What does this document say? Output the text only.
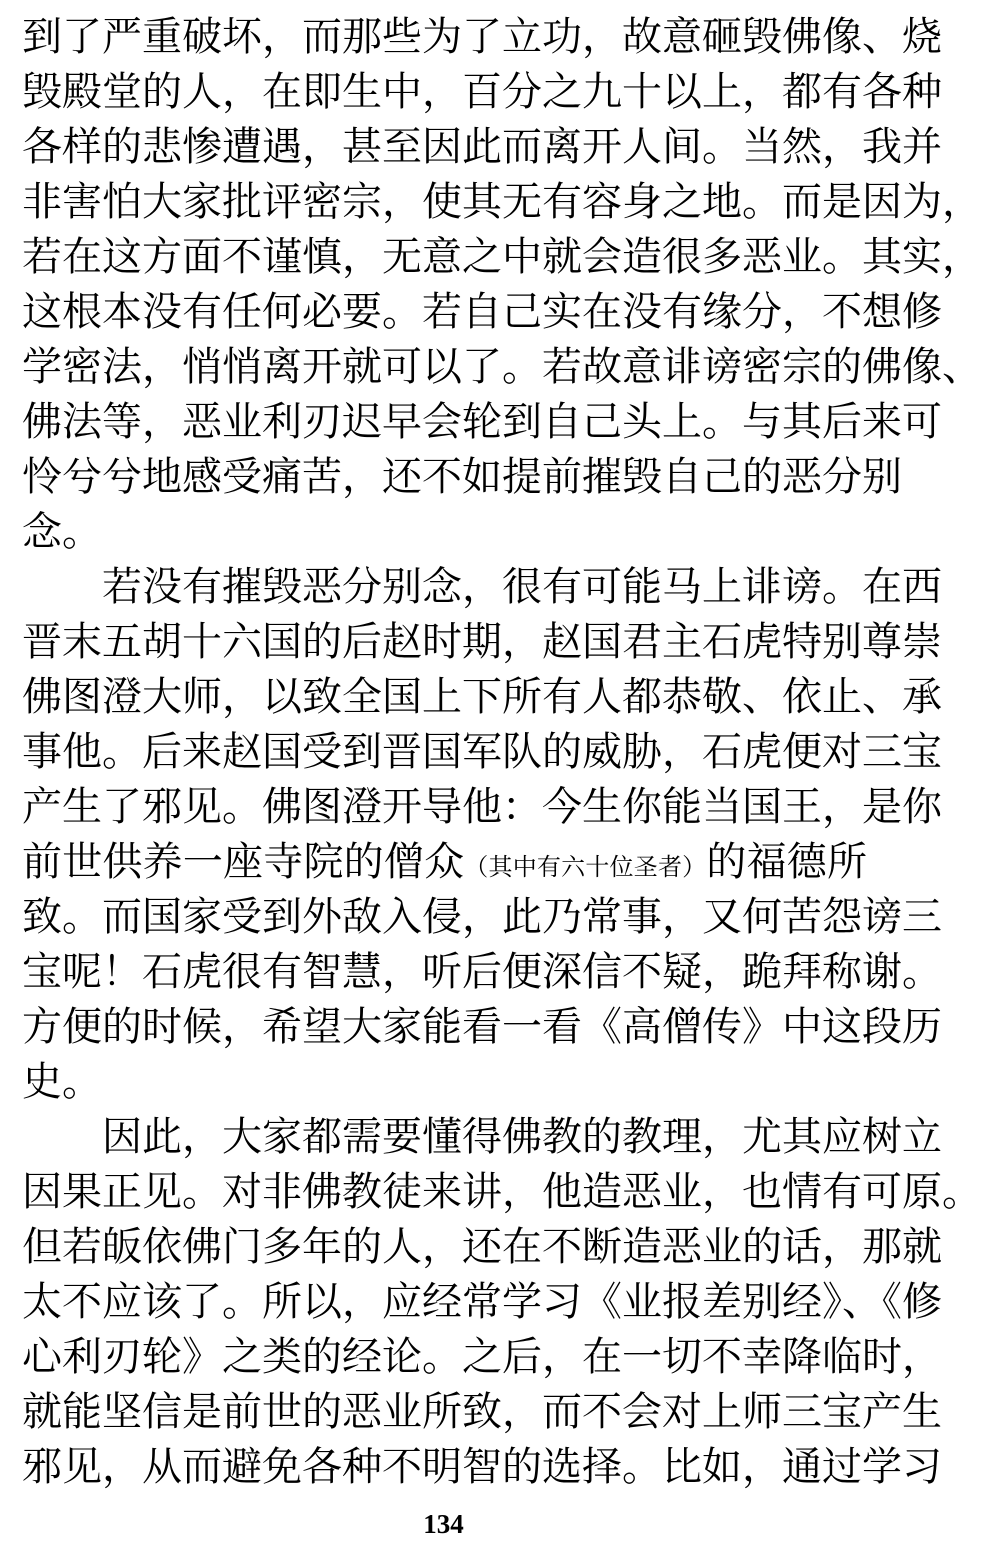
到了严重破坏，而那些为了立功，故意砸毁佛像、烧
毁殿堂的人，在即生中，百分之九十以上，都有各种
各样的悲惨遭遇，甚至因此而离开人间。当然，我并
非害怕大家批评密宗，使其无有容身之地。而是因为，
若在这方面不谨慎，无意之中就会造很多恶业。其实，
这根本没有任何必要。若自己实在没有缘分，不想修
学密法，悄悄离开就可以了。若故意诽谤密宗的佛像、
佛法等，恶业利刃迟早会轮到自己头上。与其后来可
怜兮兮地感受痛苦，还不如提前摧毁自己的恶分别
念。
若没有摧毁恶分别念，很有可能马上诽谤。在西
晋末五胡十六国的后赵时期，赵国君主石虎特别尊崇
佛图澄大师，以致全国上下所有人都恭敬、依止、承
事他。后来赵国受到晋国军队的威胁，石虎便对三宝
产生了邪见。佛图澄开导他：今生你能当国王，是你
前世供养一座寺院的僧众（其中有六十位圣者）的福德所
致。而国家受到外敌入侵，此乃常事，又何苦怨谤三
宝呢！石虎很有智慧，听后便深信不疑，跪拜称谢。
方便的时候，希望大家能看一看《高僧传》中这段历
史。
因此，大家都需要懂得佛教的教理，尤其应树立
因果正见。对非佛教徒来讲，他造恶业，也情有可原。
但若皈依佛门多年的人，还在不断造恶业的话，那就
太不应该了。所以，应经常学习《业报差别经》、《修
心利刃轮》之类的经论。之后，在一切不幸降临时，
就能坚信是前世的恶业所致，而不会对上师三宝产生
邪见，从而避免各种不明智的选择。比如，通过学习
134
